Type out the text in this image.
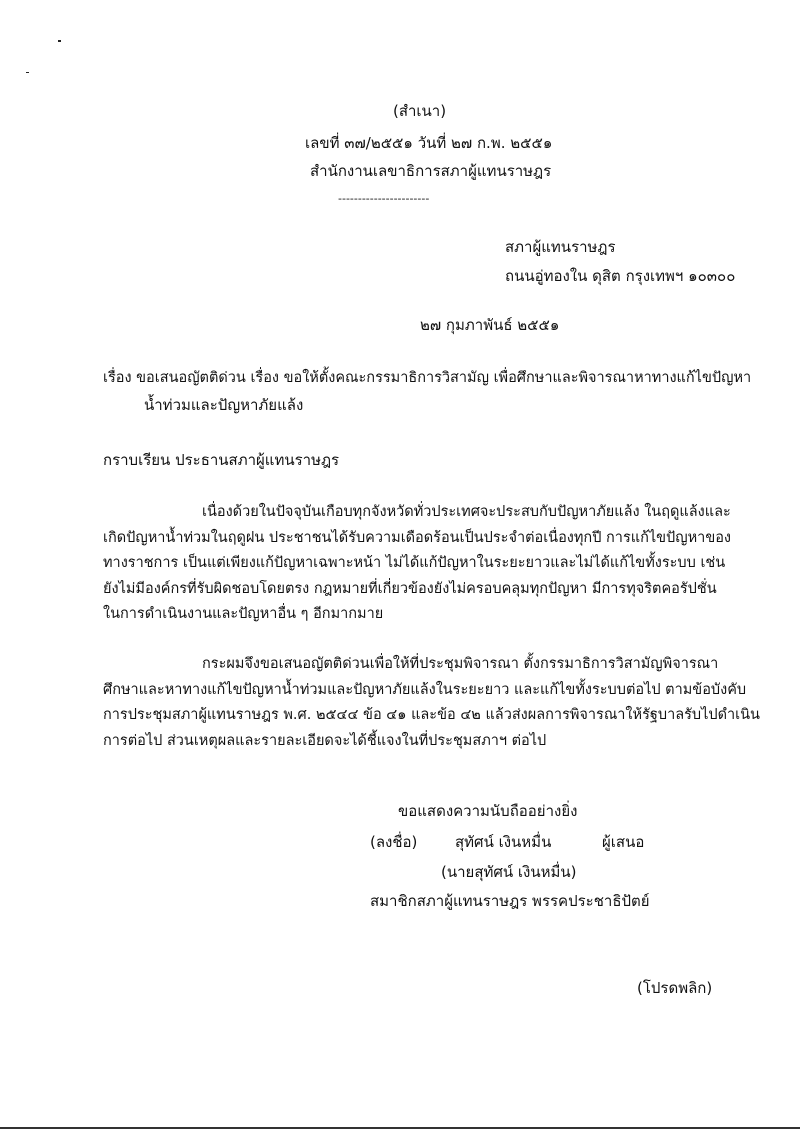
(สำเนา)
เลขที่ ๓๗/๒๕๕๑ วันที่ ๒๗ ก.พ. ๒๕๕๑
สำนักงานเลขาธิการสภาผู้แทนราษฎร
-----------------------
สภาผู้แทนราษฎร
ถนนอู่ทองใน ดุสิต กรุงเทพฯ ๑๐๓๐๐
๒๗ กุมภาพันธ์ ๒๕๕๑
เรื่อง ขอเสนอญัตติด่วน เรื่อง ขอให้ตั้งคณะกรรมาธิการวิสามัญ เพื่อศึกษาและพิจารณาหาทางแก้ไขปัญหา
น้ำท่วมและปัญหาภัยแล้ง
กราบเรียน ประธานสภาผู้แทนราษฎร
เนื่องด้วยในปัจจุบันเกือบทุกจังหวัดทั่วประเทศจะประสบกับปัญหาภัยแล้ง ในฤดูแล้งและ
เกิดปัญหาน้ำท่วมในฤดูฝน ประชาชนได้รับความเดือดร้อนเป็นประจำต่อเนื่องทุกปี การแก้ไขปัญหาของ
ทางราชการ เป็นแต่เพียงแก้ปัญหาเฉพาะหน้า ไม่ได้แก้ปัญหาในระยะยาวและไม่ได้แก้ไขทั้งระบบ เช่น
ยังไม่มีองค์กรที่รับผิดชอบโดยตรง กฎหมายที่เกี่ยวข้องยังไม่ครอบคลุมทุกปัญหา มีการทุจริตคอรัปชั่น
ในการดำเนินงานและปัญหาอื่น ๆ อีกมากมาย
กระผมจึงขอเสนอญัตติด่วนเพื่อให้ที่ประชุมพิจารณา ตั้งกรรมาธิการวิสามัญพิจารณา
ศึกษาและหาทางแก้ไขปัญหาน้ำท่วมและปัญหาภัยแล้งในระยะยาว และแก้ไขทั้งระบบต่อไป ตามข้อบังคับ
การประชุมสภาผู้แทนราษฎร พ.ศ. ๒๕๔๔ ข้อ ๔๑ และข้อ ๔๒ แล้วส่งผลการพิจารณาให้รัฐบาลรับไปดำเนิน
การต่อไป ส่วนเหตุผลและรายละเอียดจะได้ชี้แจงในที่ประชุมสภาฯ ต่อไป
ขอแสดงความนับถืออย่างยิ่ง
(ลงชื่อ)	สุทัศน์ เงินหมื่น	ผู้เสนอ
(นายสุทัศน์ เงินหมื่น)
สมาชิกสภาผู้แทนราษฎร พรรคประชาธิปัตย์
(โปรดพลิก)
